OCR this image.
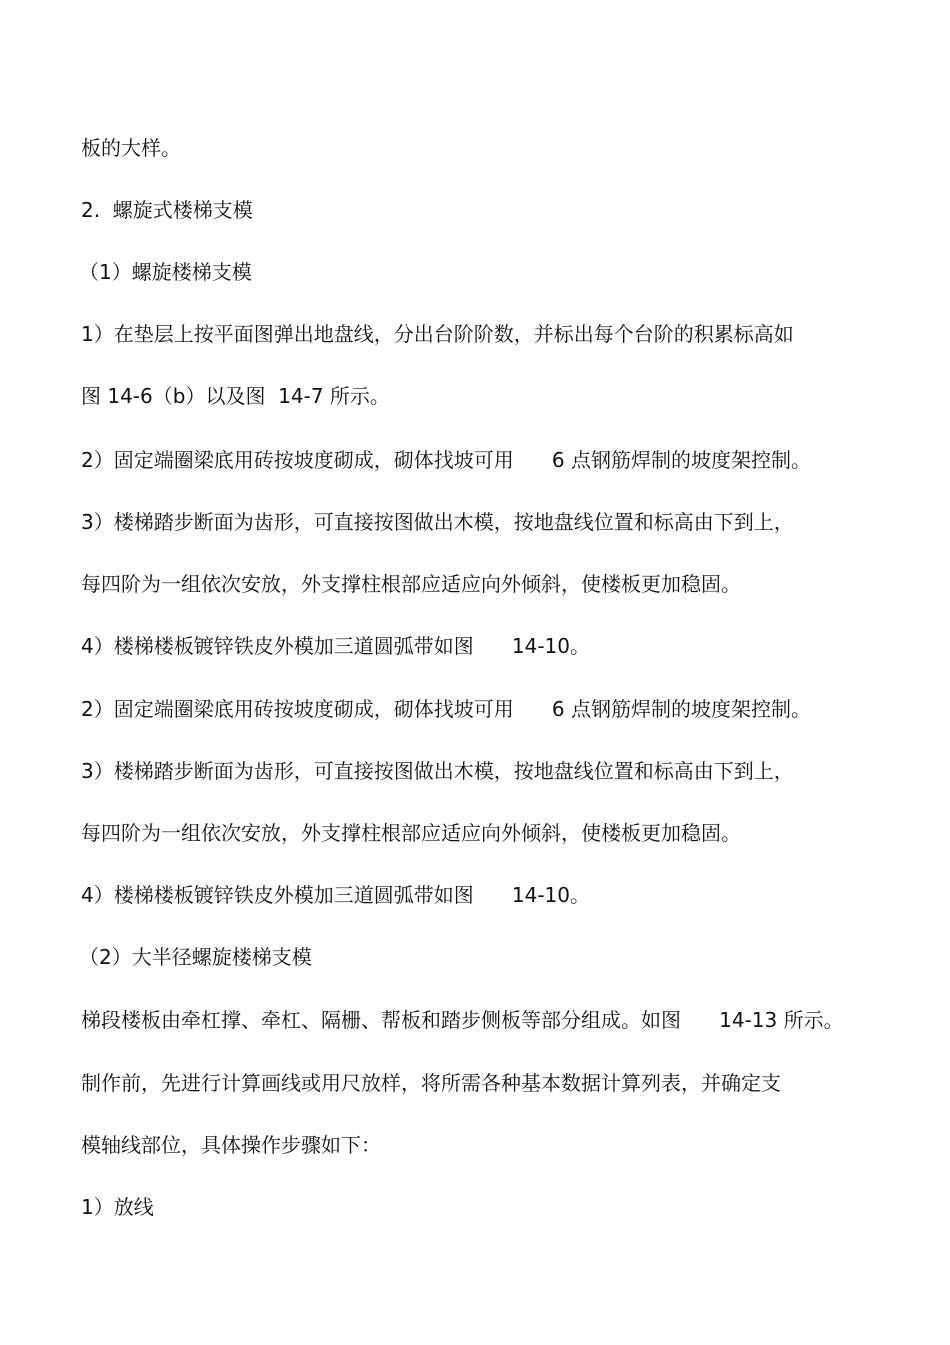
板的大样。
2.  螺旋式楼梯支模
（1）螺旋楼梯支模
1）在垫层上按平面图弹出地盘线，分出台阶阶数，并标出每个台阶的积累标高如
图 14-6（b）以及图  14-7 所示。
2）固定端圈梁底用砖按坡度砌成，砌体找坡可用      6 点钢筋焊制的坡度架控制。
3）楼梯踏步断面为齿形，可直接按图做出木模，按地盘线位置和标高由下到上，
每四阶为一组依次安放，外支撑柱根部应适应向外倾斜，使楼板更加稳固。
4）楼梯楼板镀锌铁皮外模加三道圆弧带如图      14-10。
2）固定端圈梁底用砖按坡度砌成，砌体找坡可用      6 点钢筋焊制的坡度架控制。
3）楼梯踏步断面为齿形，可直接按图做出木模，按地盘线位置和标高由下到上，
每四阶为一组依次安放，外支撑柱根部应适应向外倾斜，使楼板更加稳固。
4）楼梯楼板镀锌铁皮外模加三道圆弧带如图      14-10。
（2）大半径螺旋楼梯支模
梯段楼板由牵杠撑、牵杠、隔栅、帮板和踏步侧板等部分组成。如图      14-13 所示。
制作前，先进行计算画线或用尺放样，将所需各种基本数据计算列表，并确定支
模轴线部位，具体操作步骤如下：
1）放线
